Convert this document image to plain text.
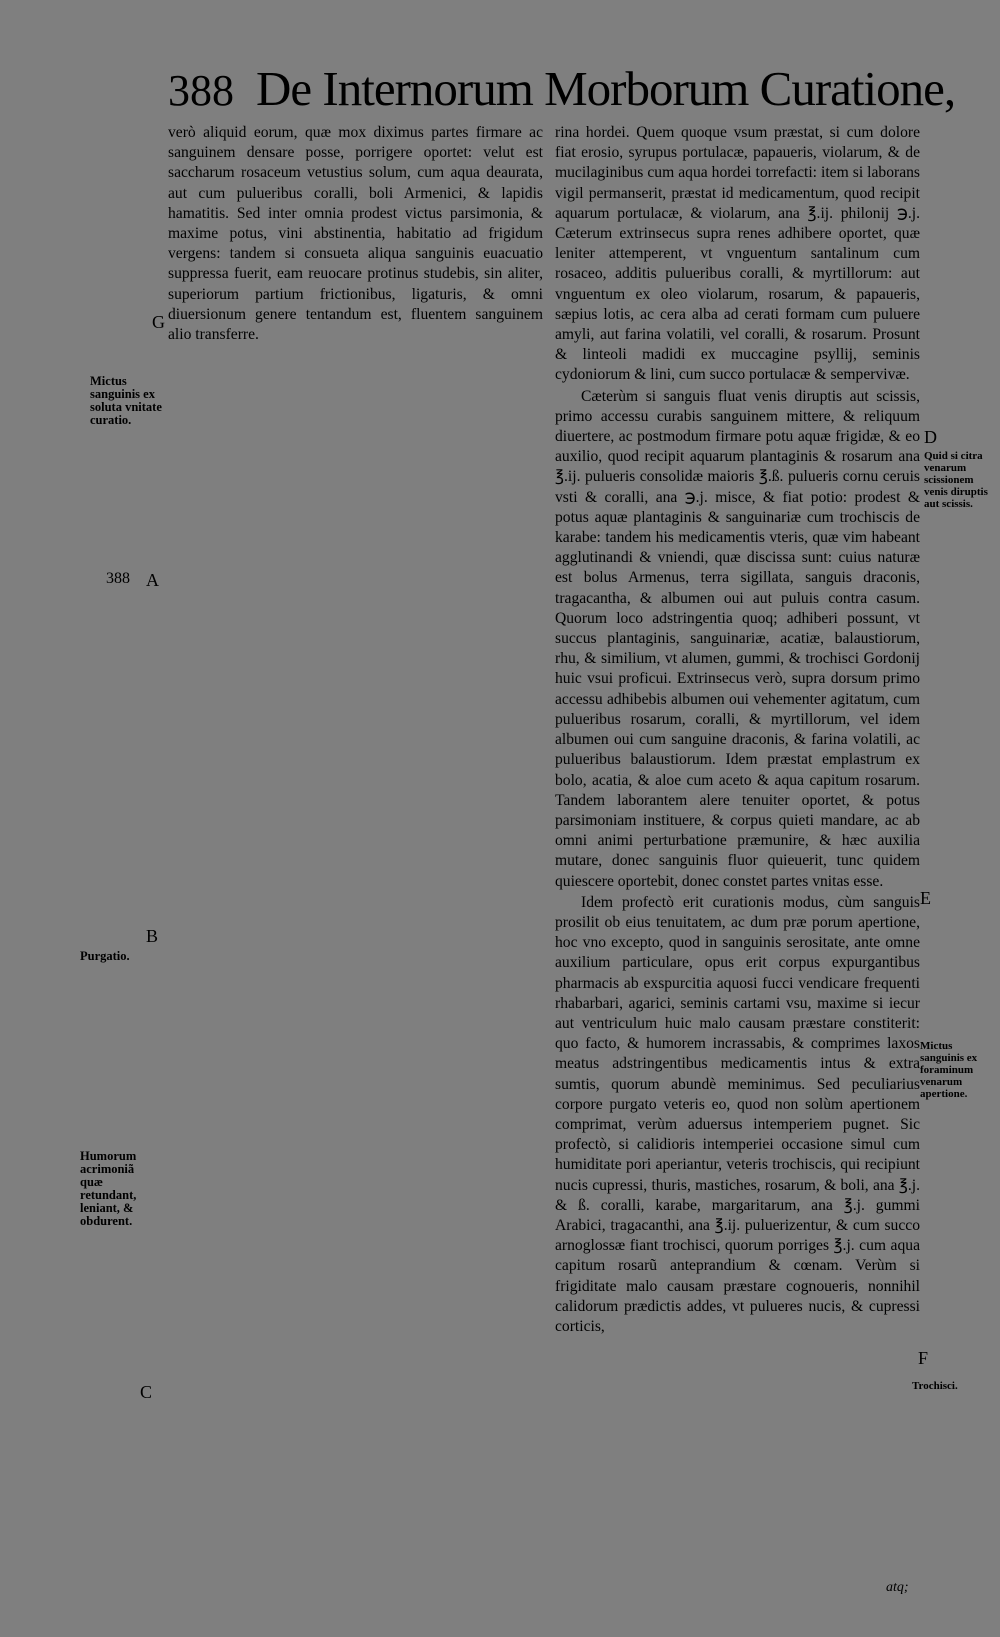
388 De Internorum Morborum Curatione,

verò aliquid eorum, quæ mox diximus partes firmare ac sanguinem densare posse, porrigere oportet: velut est saccharum rosaceum vetustius solum, cum aqua deaurata, aut cum pulueribus coralli, boli Armenici, & lapidis hamatitis. Sed inter omnia prodest victus parsimonia, & maxime potus, vini abstinentia, habitatio ad frigidum vergens: tandem si consueta aliqua sanguinis euacuatio suppressa fuerit, eam reuocare protinus studebis, sin aliter, superiorum partium frictionibus, ligaturis, & omni diuersionum genere tentandum est, fluentem sanguinem alio transferre.

rina hordei. Quem quoque vsum præstat, si cum dolore fiat erosio, syrupus portulacæ, papaueris, violarum, & de mucilaginibus cum aqua hordei torrefacti: item si laborans vigil permanserit, præstat id medicamentum, quod recipit aquarum portulacæ, & violarum, ana ℥.ij. philonij ℈.j. Cæterum extrinsecus supra renes adhibere oportet, quæ leniter attemperent, vt vnguentum santalinum cum rosaceo, additis pulueribus coralli, & myrtillorum: aut vnguentum ex oleo violarum, rosarum, & papaueris, sæpius lotis, ac cera alba ad cerati formam cum puluere amyli, aut farina volatili, vel coralli, & rosarum. Prosunt & linteoli madidi ex muccagine psyllij, seminis cydoniorum & lini, cum succo portulacæ & sempervivæ.

Cæterùm si sanguis fluat venis diruptis aut scissis, primo accessu curabis sanguinem mittere, & reliquum diuertere, ac postmodum firmare potu aquæ frigidæ, & eo auxilio, quod recipit aquarum plantaginis & rosarum ana ℥.ij. pulueris consolidæ maioris ℥.ß. pulueris cornu ceruis vsti & coralli, ana ℈.j. misce, & fiat potio: prodest & potus aquæ plantaginis & sanguinariæ cum trochiscis de karabe: tandem his medicamentis vteris, quæ vim habeant agglutinandi & vniendi, quæ discissa sunt: cuius naturæ est bolus Armenus, terra sigillata, sanguis draconis, tragacantha, & albumen oui aut puluis contra casum. Quorum loco adstringentia quoq; adhiberi possunt, vt succus plantaginis, sanguinariæ, acatiæ, balaustiorum, rhu, & similium, vt alumen, gummi, & trochisci Gordonij huic vsui proficui. Extrinsecus verò, supra dorsum primo accessu adhibebis albumen oui vehementer agitatum, cum pulueribus rosarum, coralli, & myrtillorum, vel idem albumen oui cum sanguine draconis, & farina volatili, ac pulueribus balaustiorum. Idem præstat emplastrum ex bolo, acatia, & aloe cum aceto & aqua capitum rosarum. Tandem laborantem alere tenuiter oportet, & potus parsimoniam instituere, & corpus quieti mandare, ac ab omni animi perturbatione præmunire, & hæc auxilia mutare, donec sanguinis fluor quieuerit, tunc quidem quiescere oportebit, donec constet partes vnitas esse.

Idem profectò erit curationis modus, cùm sanguis prosilit ob eius tenuitatem, ac dum præ porum apertione, hoc vno excepto, quod in sanguinis serositate, ante omne auxilium particulare, opus erit corpus expurgantibus pharmacis ab exspurcitia aquosi fucci vendicare frequenti rhabarbari, agarici, seminis cartami vsu, maxime si iecur aut ventriculum huic malo causam præstare constiterit: quo facto, & humorem incrassabis, & comprimes laxos meatus adstringentibus medicamentis intus & extra sumtis, quorum abundè meminimus. Sed peculiarius corpore purgato veteris eo, quod non solùm apertionem comprimat, verùm aduersus intemperiem pugnet. Sic profectò, si calidioris intemperiei occasione simul cum humiditate pori aperiantur, veteris trochiscis, qui recipiunt nucis cupressi, thuris, mastiches, rosarum, & boli, ana ℥.j. & ß. coralli, karabe, margaritarum, ana ℥.j. gummi Arabici, tragacanthi, ana ℥.ij. puluerizentur, & cum succo arnoglossæ fiant trochisci, quorum porriges ℥.j. cum aqua capitum rosarũ anteprandium & cœnam. Verùm si frigiditate malo causam præstare cognoueris, nonnihil calidorum prædictis addes, vt pulueres nucis, & cupressi corticis,

atq;
Mictus sanguinis ex soluta vnitate curatio.
Purgatio.
Humorum acrimoniã quæ retundant, leniant, & obdurent.
Quid si citra venarum scissionem venis diruptis aut scissis.
Mictus sanguinis ex foraminum venarum apertione.
Trochisci.
388
G
A
B
C
D
E
F
